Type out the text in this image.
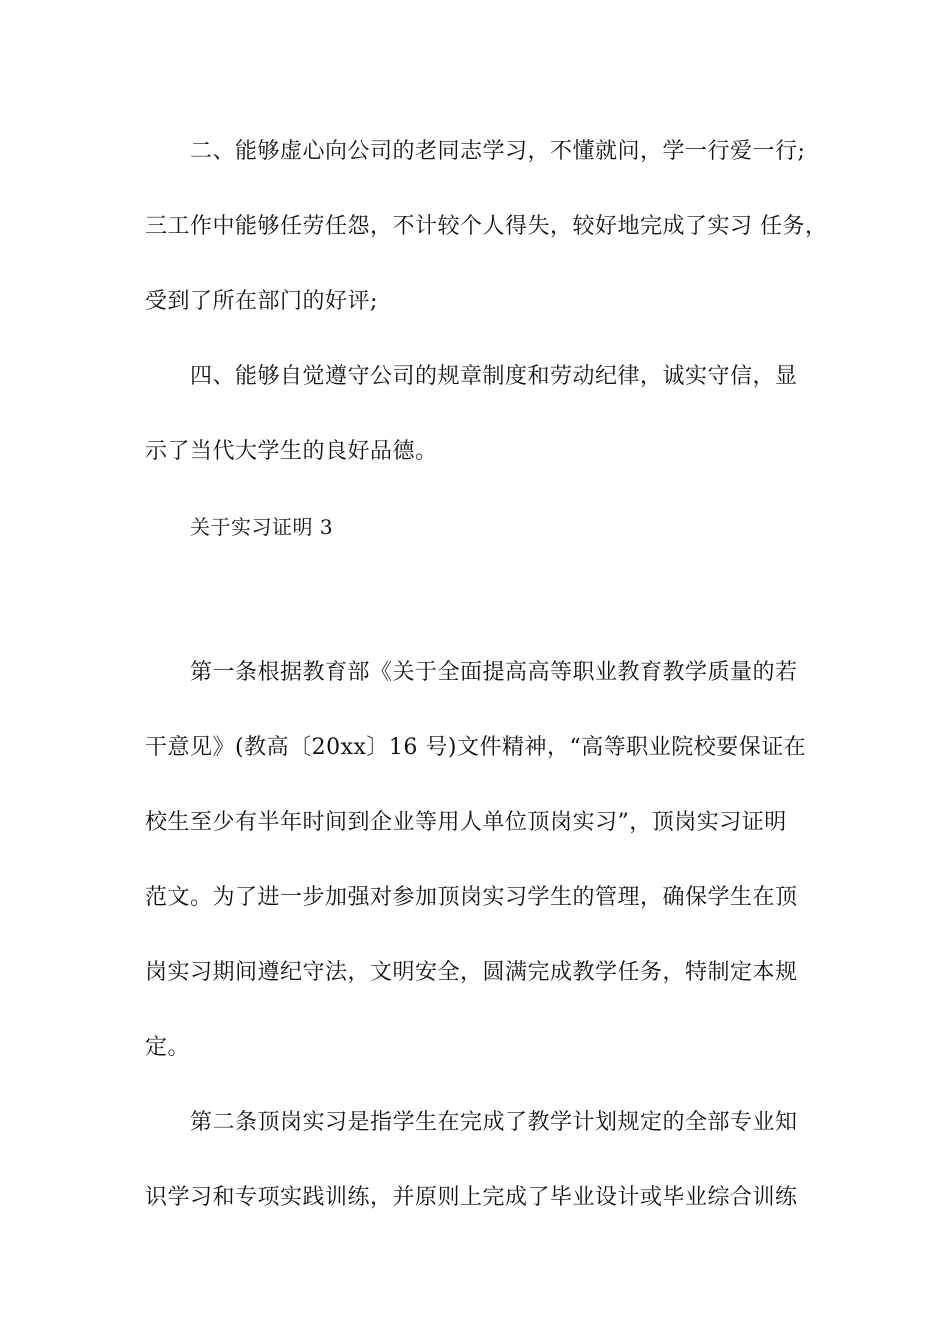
二、能够虚心向公司的老同志学习，不懂就问，学一行爱一行;
三工作中能够任劳任怨，不计较个人得失，较好地完成了实习 任务，
受到了所在部门的好评;
四、能够自觉遵守公司的规章制度和劳动纪律，诚实守信，显
示了当代大学生的良好品德。
关于实习证明 3
第一条根据教育部《关于全面提高高等职业教育教学质量的若
干意见》(教高〔20xx〕16 号)文件精神，“高等职业院校要保证在
校生至少有半年时间到企业等用人单位顶岗实习”，顶岗实习证明
范文。为了进一步加强对参加顶岗实习学生的管理，确保学生在顶
岗实习期间遵纪守法，文明安全，圆满完成教学任务，特制定本规
定。
第二条顶岗实习是指学生在完成了教学计划规定的全部专业知
识学习和专项实践训练，并原则上完成了毕业设计或毕业综合训练
